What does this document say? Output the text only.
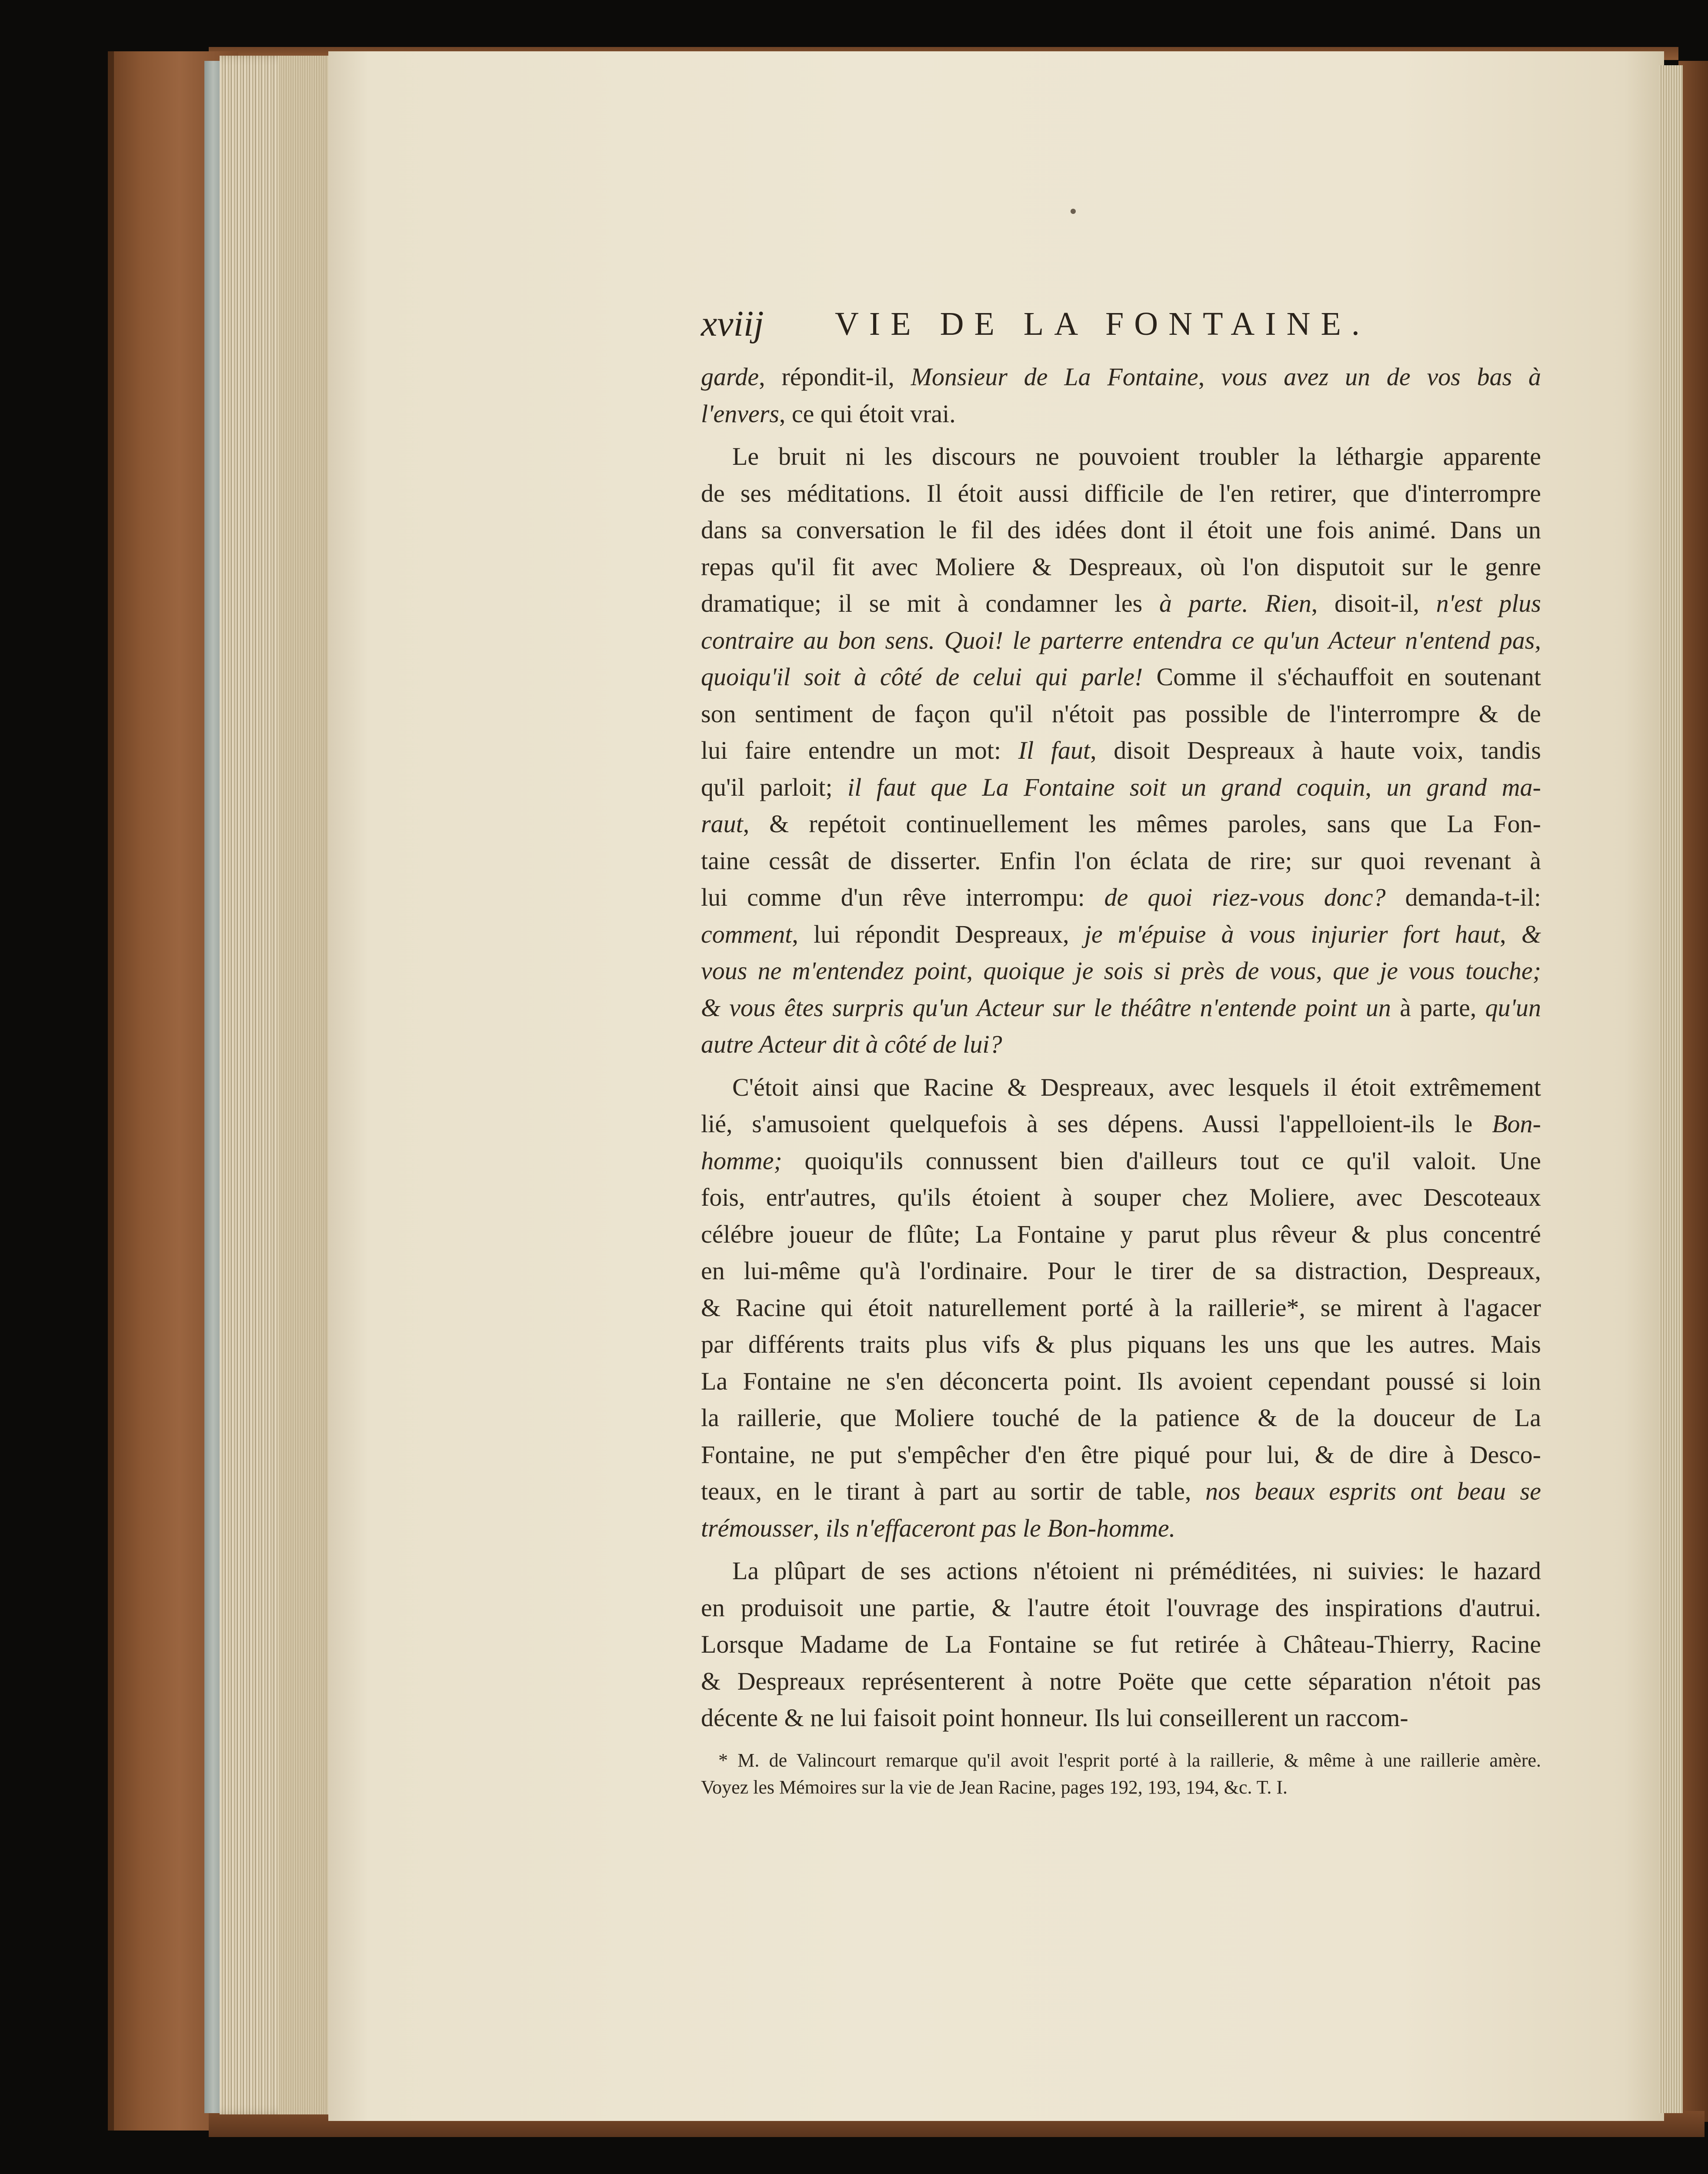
xviij	VIE DE LA FONTAINE.
garde, répondit-il, Monsieur de La Fontaine, vous avez un de vos bas à
l'envers, ce qui étoit vrai.
Le bruit ni les discours ne pouvoient troubler la léthargie apparente
de ses méditations. Il étoit aussi difficile de l'en retirer, que d'interrompre
dans sa conversation le fil des idées dont il étoit une fois animé. Dans un
repas qu'il fit avec Moliere & Despreaux, où l'on disputoit sur le genre
dramatique; il se mit à condamner les à parte. Rien, disoit-il, n'est plus
contraire au bon sens. Quoi! le parterre entendra ce qu'un Acteur n'entend pas,
quoiqu'il soit à côté de celui qui parle! Comme il s'échauffoit en soutenant
son sentiment de façon qu'il n'étoit pas possible de l'interrompre & de
lui faire entendre un mot: Il faut, disoit Despreaux à haute voix, tandis
qu'il parloit; il faut que La Fontaine soit un grand coquin, un grand ma-
raut, & repétoit continuellement les mêmes paroles, sans que La Fon-
taine cessât de disserter. Enfin l'on éclata de rire; sur quoi revenant à
lui comme d'un rêve interrompu: de quoi riez-vous donc? demanda-t-il:
comment, lui répondit Despreaux, je m'épuise à vous injurier fort haut, &
vous ne m'entendez point, quoique je sois si près de vous, que je vous touche;
& vous êtes surpris qu'un Acteur sur le théâtre n'entende point un à parte, qu'un
autre Acteur dit à côté de lui?
C'étoit ainsi que Racine & Despreaux, avec lesquels il étoit extrêmement
lié, s'amusoient quelquefois à ses dépens. Aussi l'appelloient-ils le Bon-
homme; quoiqu'ils connussent bien d'ailleurs tout ce qu'il valoit. Une
fois, entr'autres, qu'ils étoient à souper chez Moliere, avec Descoteaux
célébre joueur de flûte; La Fontaine y parut plus rêveur & plus concentré
en lui-même qu'à l'ordinaire. Pour le tirer de sa distraction, Despreaux,
& Racine qui étoit naturellement porté à la raillerie*, se mirent à l'agacer
par différents traits plus vifs & plus piquans les uns que les autres. Mais
La Fontaine ne s'en déconcerta point. Ils avoient cependant poussé si loin
la raillerie, que Moliere touché de la patience & de la douceur de La
Fontaine, ne put s'empêcher d'en être piqué pour lui, & de dire à Desco-
teaux, en le tirant à part au sortir de table, nos beaux esprits ont beau se
trémousser, ils n'effaceront pas le Bon-homme.
La plûpart de ses actions n'étoient ni préméditées, ni suivies: le hazard
en produisoit une partie, & l'autre étoit l'ouvrage des inspirations d'autrui.
Lorsque Madame de La Fontaine se fut retirée à Château-Thierry, Racine
& Despreaux représenterent à notre Poëte que cette séparation n'étoit pas
décente & ne lui faisoit point honneur. Ils lui conseillerent un raccom-
* M. de Valincourt remarque qu'il avoit l'esprit porté à la raillerie, & même à une raillerie amère.
Voyez les Mémoires sur la vie de Jean Racine, pages 192, 193, 194, &c. T. I.
